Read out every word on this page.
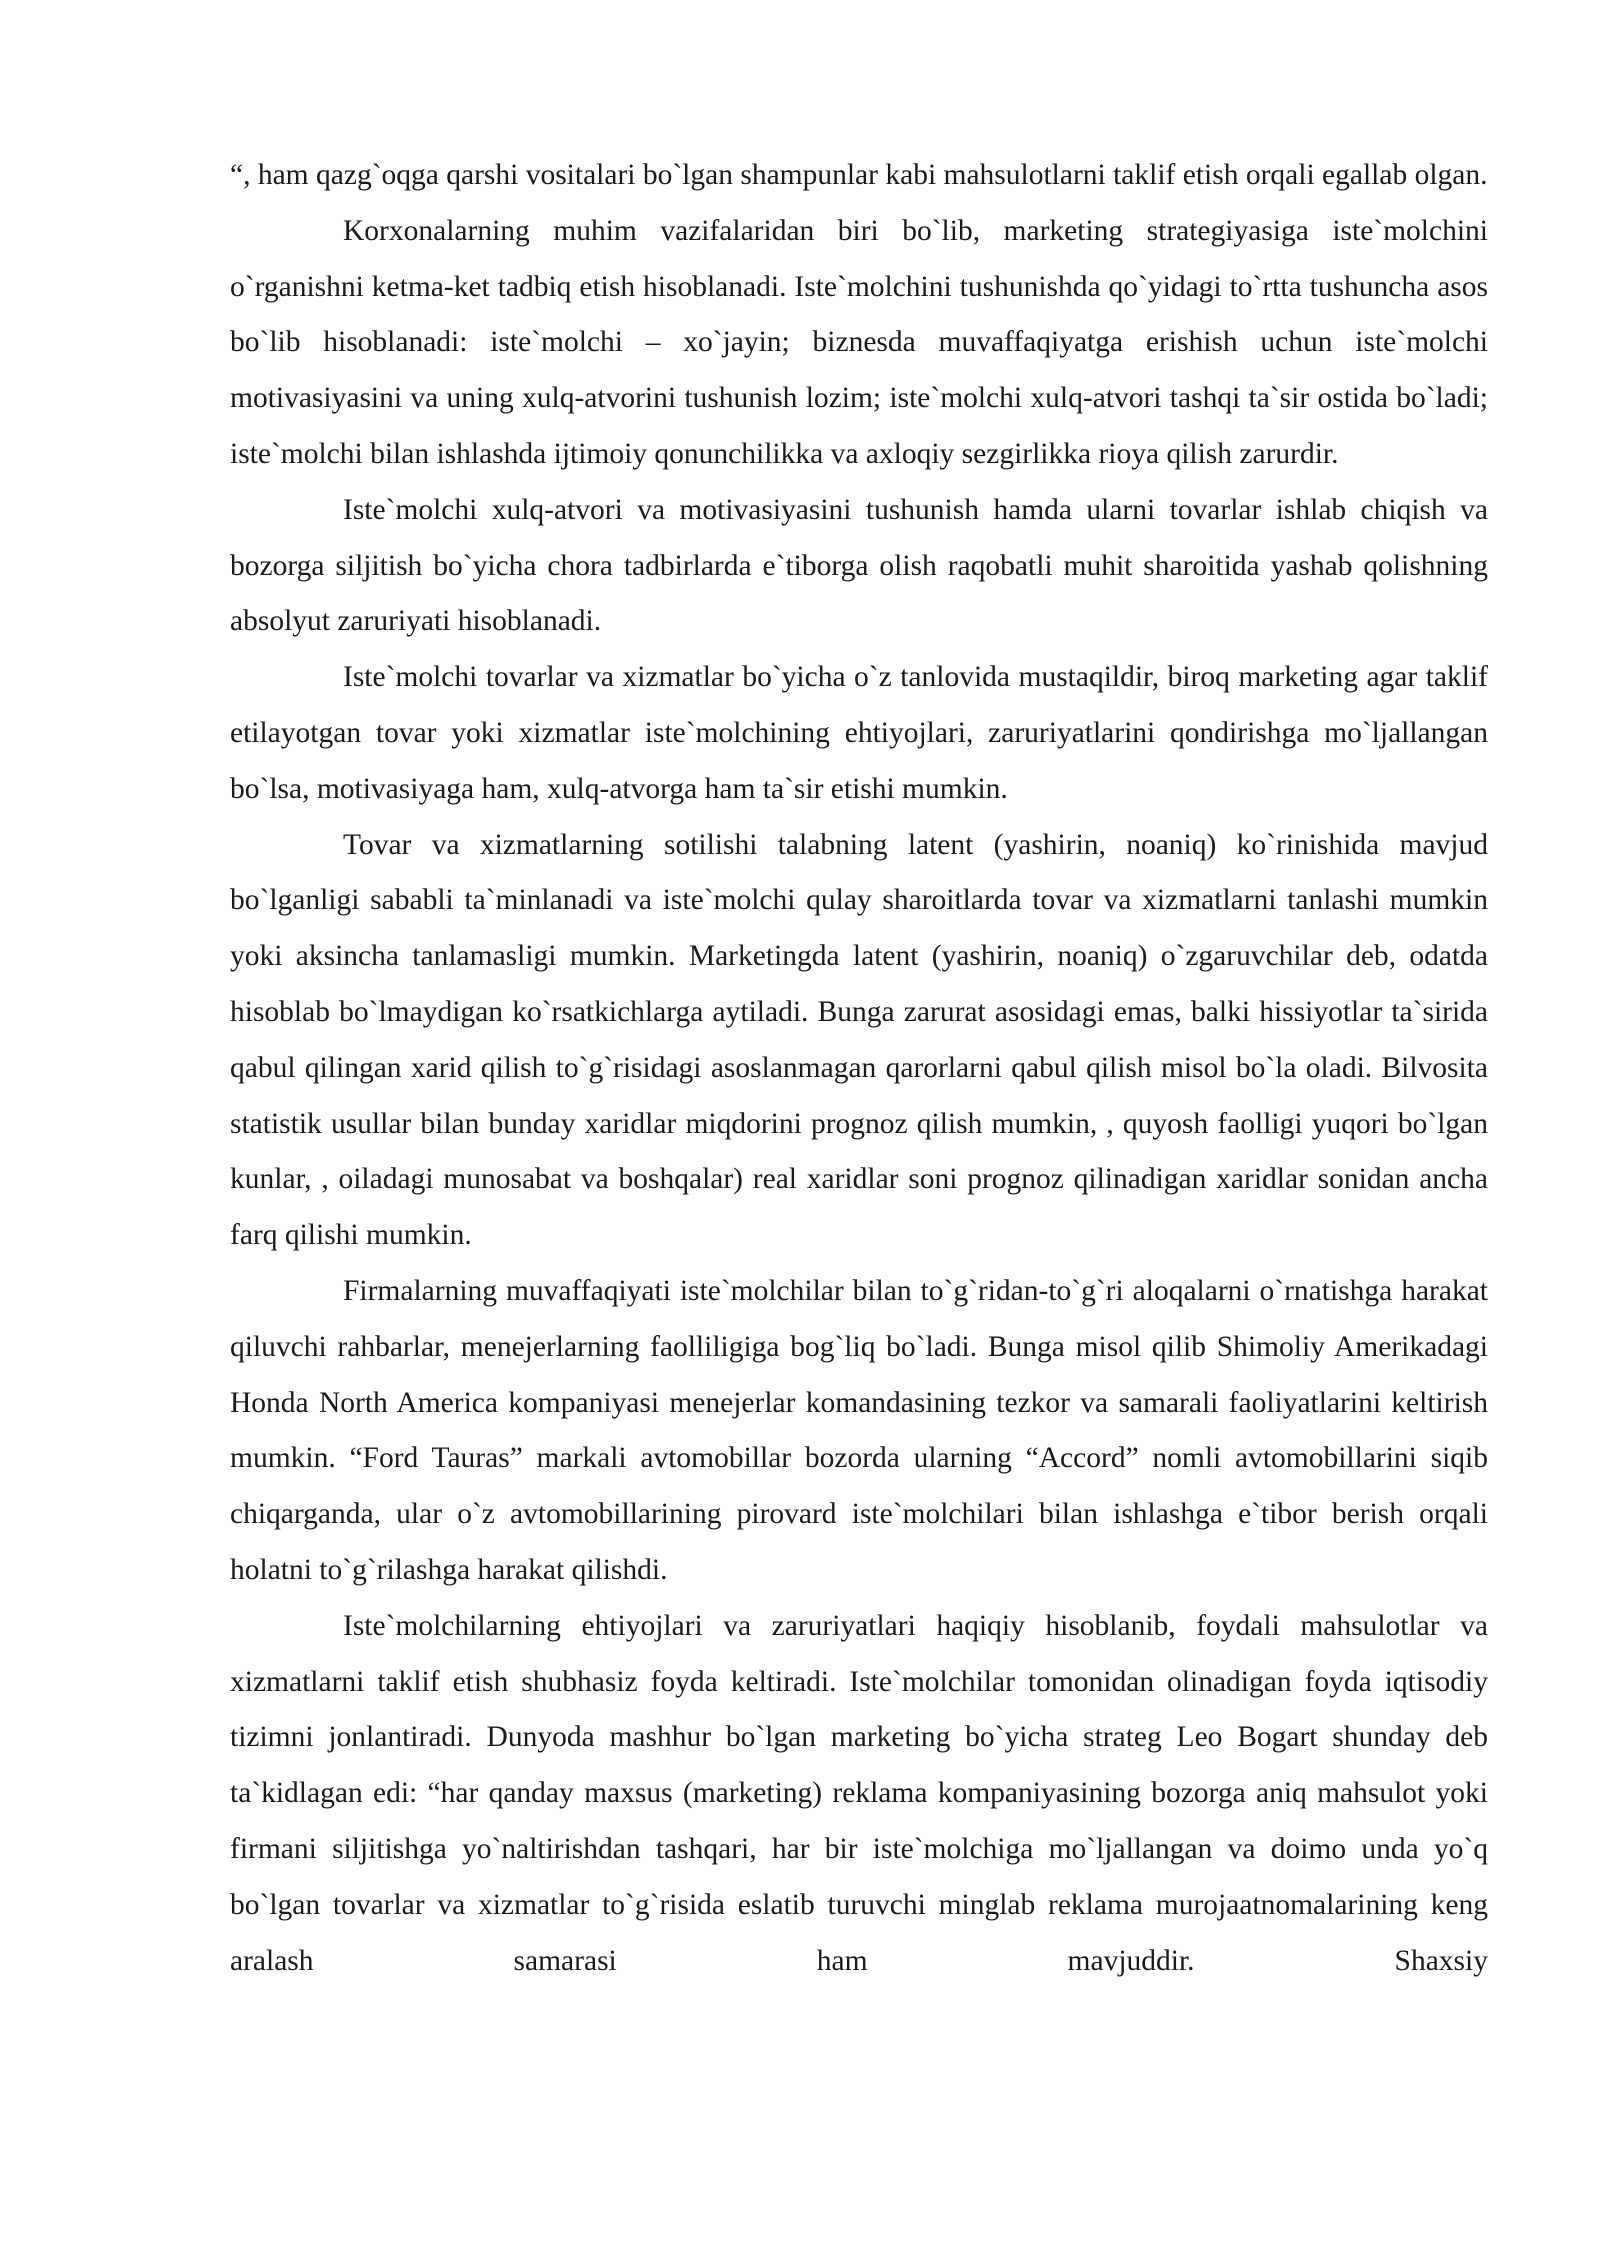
“, ham qazg`oqga qarshi vositalari bo`lgan shampunlar kabi mahsulotlarni taklif etish orqali egallab olgan.

Korxonalarning muhim vazifalaridan biri bo`lib, marketing strategiyasiga iste`molchini o`rganishni ketma-ket tadbiq etish hisoblanadi. Iste`molchini tushunishda qo`yidagi to`rtta tushuncha asos bo`lib hisoblanadi: iste`molchi – xo`jayin; biznesda muvaffaqiyatga erishish uchun iste`molchi motivasiyasini va uning xulq-atvorini tushunish lozim; iste`molchi xulq-atvori tashqi ta`sir ostida bo`ladi; iste`molchi bilan ishlashda ijtimoiy qonunchilikka va axloqiy sezgirlikka rioya qilish zarurdir.

Iste`molchi xulq-atvori va motivasiyasini tushunish hamda ularni tovarlar ishlab chiqish va bozorga siljitish bo`yicha chora tadbirlarda e`tiborga olish raqobatli muhit sharoitida yashab qolishning absolyut zaruriyati hisoblanadi.

Iste`molchi tovarlar va xizmatlar bo`yicha o`z tanlovida mustaqildir, biroq marketing agar taklif etilayotgan tovar yoki xizmatlar iste`molchining ehtiyojlari, zaruriyatlarini qondirishga mo`ljallangan bo`lsa, motivasiyaga ham, xulq-atvorga ham ta`sir etishi mumkin.

Tovar va xizmatlarning sotilishi talabning latent (yashirin, noaniq) ko`rinishida mavjud bo`lganligi sababli ta`minlanadi va iste`molchi qulay sharoitlarda tovar va xizmatlarni tanlashi mumkin yoki aksincha tanlamasligi mumkin. Marketingda latent (yashirin, noaniq) o`zgaruvchilar deb, odatda hisoblab bo`lmaydigan ko`rsatkichlarga aytiladi. Bunga zarurat asosidagi emas, balki hissiyotlar ta`sirida qabul qilingan xarid qilish to`g`risidagi asoslanmagan qarorlarni qabul qilish misol bo`la oladi. Bilvosita statistik usullar bilan bunday xaridlar miqdorini prognoz qilish mumkin, , quyosh faolligi yuqori bo`lgan kunlar, , oiladagi munosabat va boshqalar) real xaridlar soni prognoz qilinadigan xaridlar sonidan ancha farq qilishi mumkin.

Firmalarning muvaffaqiyati iste`molchilar bilan to`g`ridan-to`g`ri aloqalarni o`rnatishga harakat qiluvchi rahbarlar, menejerlarning faolliligiga bog`liq bo`ladi. Bunga misol qilib Shimoliy Amerikadagi Honda North America kompaniyasi menejerlar komandasining tezkor va samarali faoliyatlarini keltirish mumkin. “Ford Tauras” markali avtomobillar bozorda ularning “Accord” nomli avtomobillarini siqib chiqarganda, ular o`z avtomobillarining pirovard iste`molchilari bilan ishlashga e`tibor berish orqali holatni to`g`rilashga harakat qilishdi.

Iste`molchilarning ehtiyojlari va zaruriyatlari haqiqiy hisoblanib, foydali mahsulotlar va xizmatlarni taklif etish shubhasiz foyda keltiradi. Iste`molchilar tomonidan olinadigan foyda iqtisodiy tizimni jonlantiradi. Dunyoda mashhur bo`lgan marketing bo`yicha strateg Leo Bogart shunday deb ta`kidlagan edi: “har qanday maxsus (marketing) reklama kompaniyasining bozorga aniq mahsulot yoki firmani siljitishga yo`naltirishdan tashqari, har bir iste`molchiga mo`ljallangan va doimo unda yo`q bo`lgan tovarlar va xizmatlar to`g`risida eslatib turuvchi minglab reklama murojaatnomalarining keng aralash samarasi ham mavjuddir. Shaxsiy
